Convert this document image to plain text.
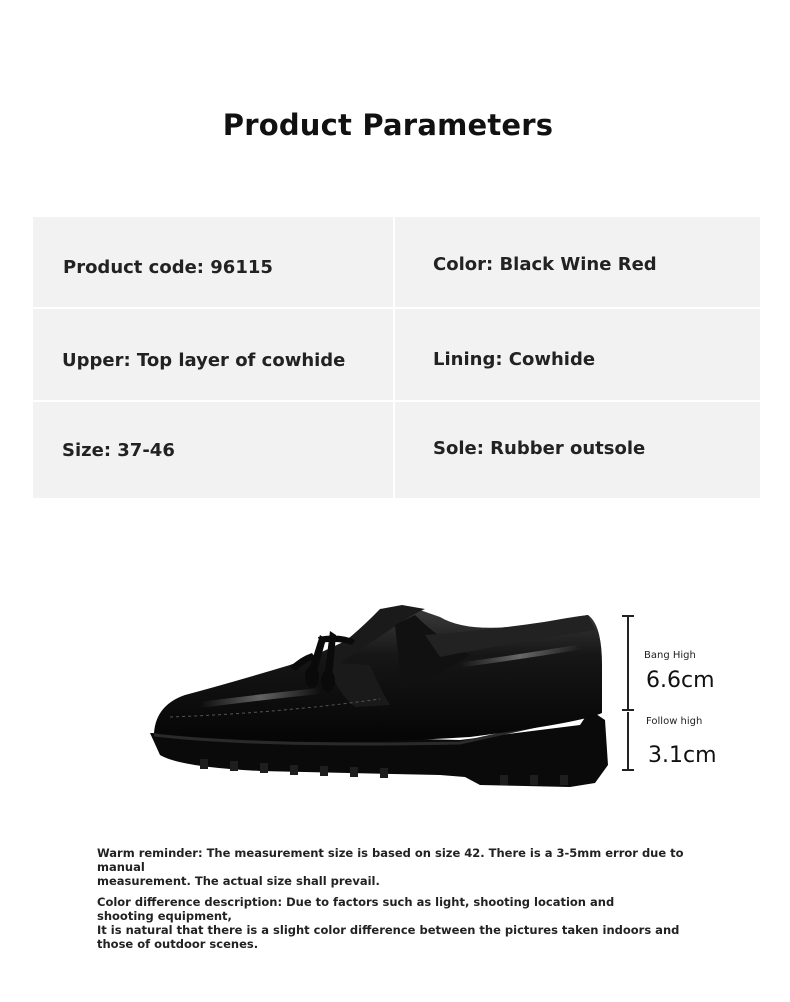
Product Parameters
Product code: 96115	Color: Black Wine Red
Upper: Top layer of cowhide	Lining: Cowhide
Size: 37-46	Sole: Rubber outsole
Bang High
6.6cm
Follow high
3.1cm

Warm reminder: The measurement size is based on size 42. There is a 3-5mm error due to manual

measurement. The actual size shall prevail.

Color difference description: Due to factors such as light, shooting location and

shooting equipment,

It is natural that there is a slight color difference between the pictures taken indoors and

those of outdoor scenes.
